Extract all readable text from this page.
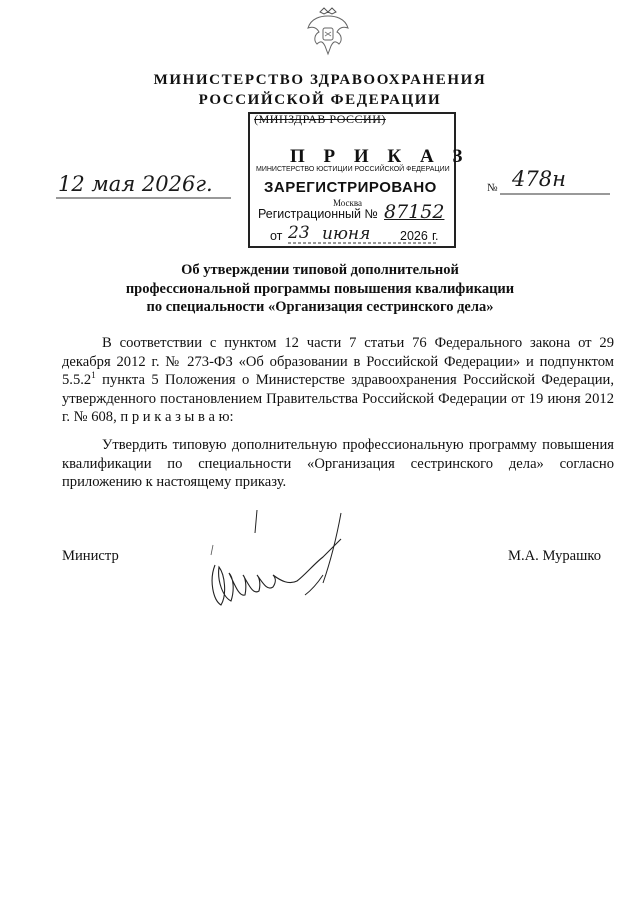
МИНИСТЕРСТВО ЗДРАВООХРАНЕНИЯ
РОССИЙСКОЙ ФЕДЕРАЦИИ
(МИНЗДРАВ РОССИИ)
П Р И К А З
МИНИСТЕРСТВО ЮСТИЦИИ РОССИЙСКОЙ ФЕДЕРАЦИИ
ЗАРЕГИСТРИРОВАНО
Москва
Регистрационный № 87152
от 23 июня 2026 г.
12 мая 2026г.	№ 478н
Об утверждении типовой дополнительной
профессиональной программы повышения квалификации
по специальности «Организация сестринского дела»
В соответствии с пунктом 12 части 7 статьи 76 Федерального закона от 29 декабря 2012 г. № 273-ФЗ «Об образовании в Российской Федерации» и подпунктом 5.5.2$^1$ пункта 5 Положения о Министерстве здравоохранения Российской Федерации, утвержденного постановлением Правительства Российской Федерации от 19 июня 2012 г. № 608, п р и к а з ы в а ю:
Утвердить типовую дополнительную профессиональную программу повышения квалификации по специальности «Организация сестринского дела» согласно приложению к настоящему приказу.
Министр	М.А. Мурашко
